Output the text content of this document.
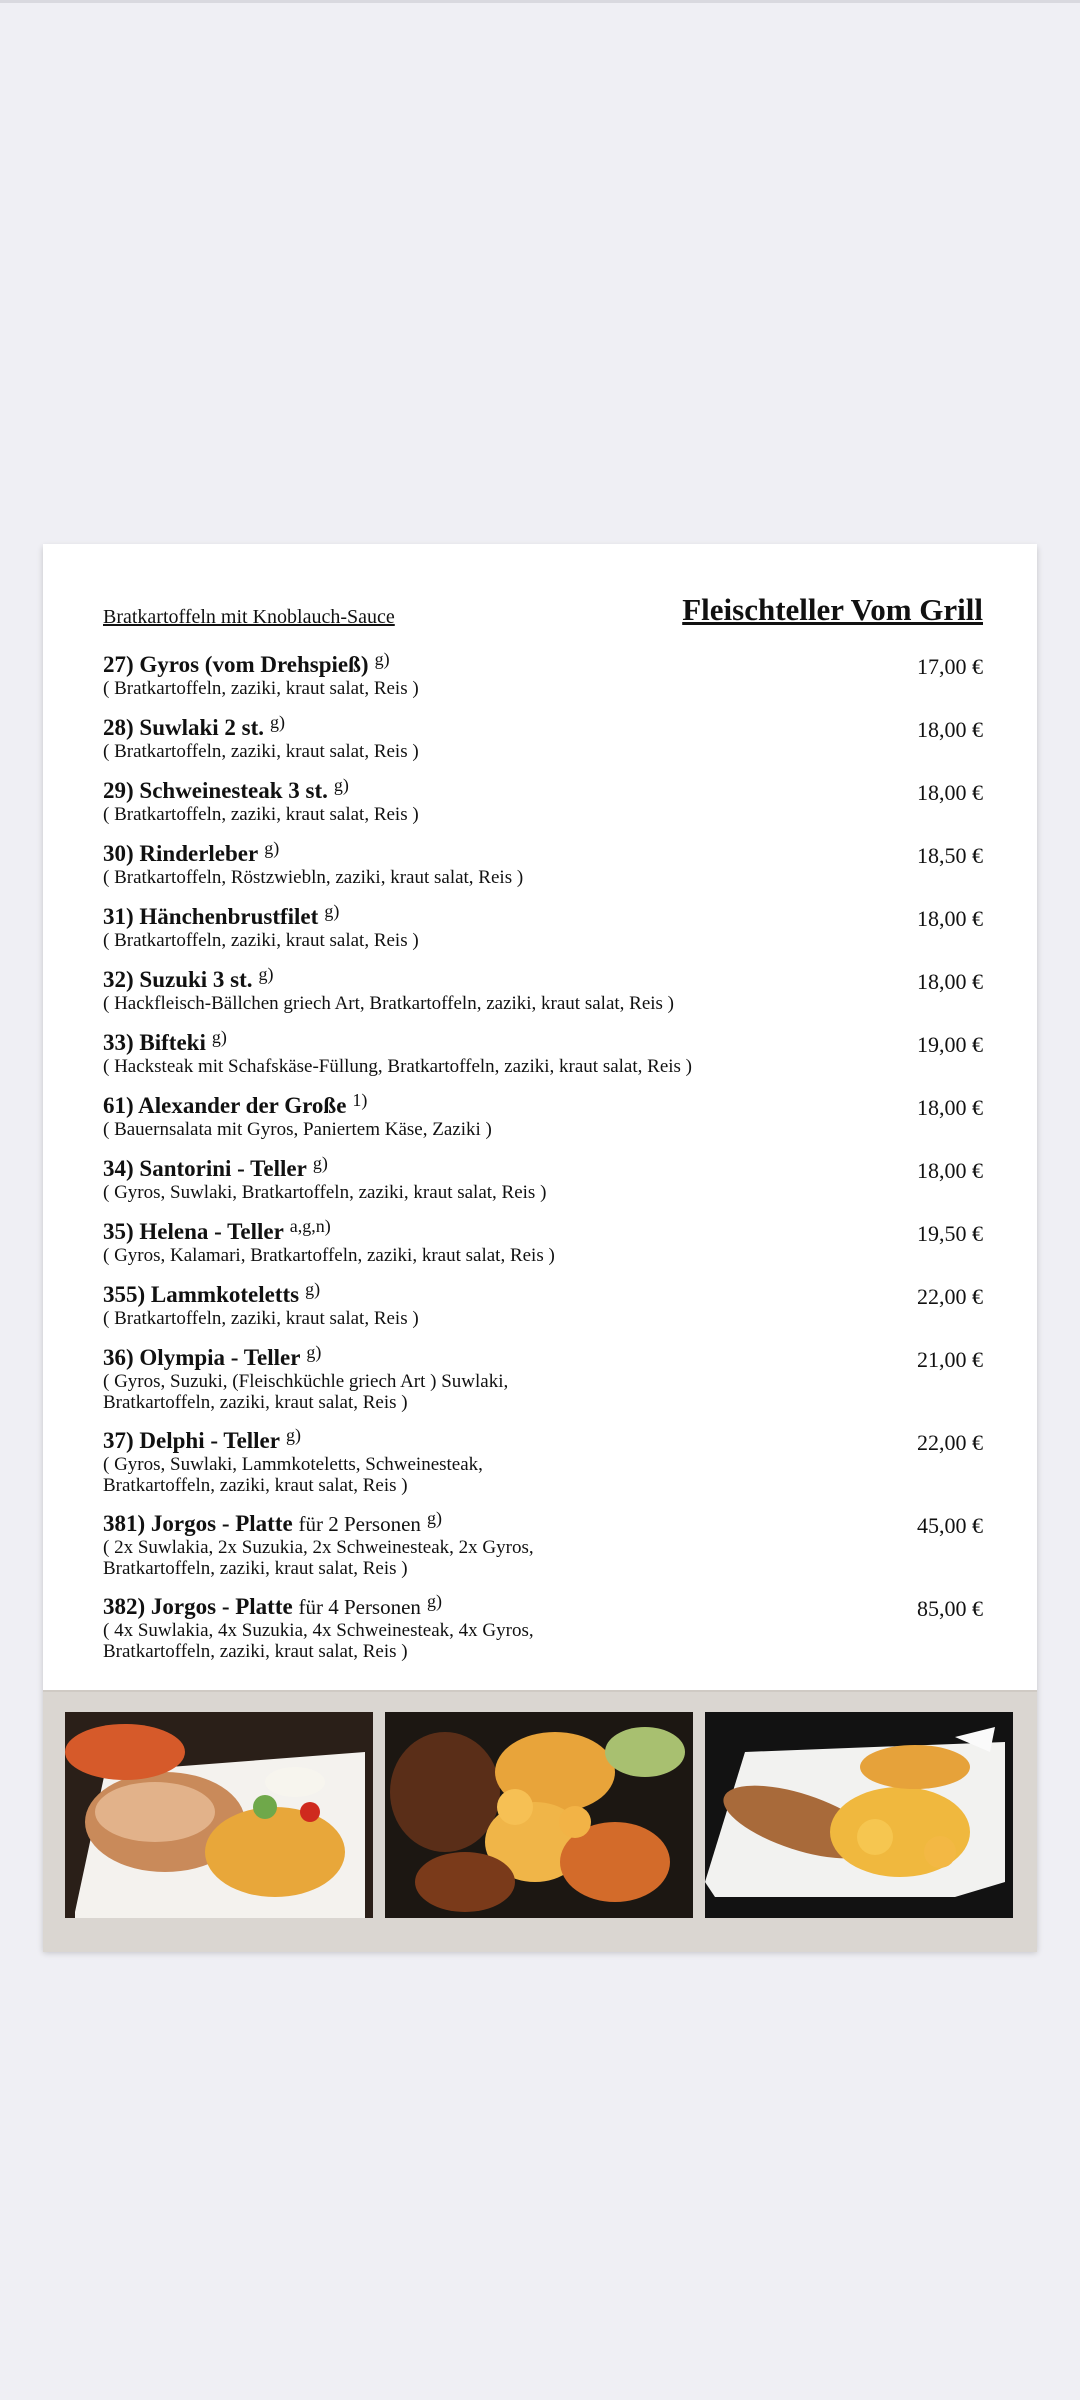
Bratkartoffeln mit Knoblauch-Sauce	Fleischteller Vom Grill
27) Gyros (vom Drehspieß) $^{g)}$
( Bratkartoffeln, zaziki, kraut salat, Reis )
17,00 €
28) Suwlaki 2 st. $^{g)}$
( Bratkartoffeln, zaziki, kraut salat, Reis )
18,00 €
29) Schweinesteak 3 st. $^{g)}$
( Bratkartoffeln, zaziki, kraut salat, Reis )
18,00 €
30) Rinderleber $^{g)}$
( Bratkartoffeln, Röstzwiebln, zaziki, kraut salat, Reis )
18,50 €
31) Hänchenbrustfilet $^{g)}$
( Bratkartoffeln, zaziki, kraut salat, Reis )
18,00 €
32) Suzuki 3 st. $^{g)}$
( Hackfleisch-Bällchen griech Art, Bratkartoffeln, zaziki, kraut salat, Reis )
18,00 €
33) Bifteki $^{g)}$
( Hacksteak mit Schafskäse-Füllung, Bratkartoffeln, zaziki, kraut salat, Reis )
19,00 €
61) Alexander der Große $^{1)}$
( Bauernsalata mit Gyros, Paniertem Käse, Zaziki )
18,00 €
34) Santorini - Teller $^{g)}$
( Gyros, Suwlaki, Bratkartoffeln, zaziki, kraut salat, Reis )
18,00 €
35) Helena - Teller $^{a,g,n)}$
( Gyros, Kalamari, Bratkartoffeln, zaziki, kraut salat, Reis )
19,50 €
355) Lammkoteletts $^{g)}$
( Bratkartoffeln, zaziki, kraut salat, Reis )
22,00 €
36) Olympia - Teller $^{g)}$
( Gyros, Suzuki, (Fleischküchle griech Art ) Suwlaki, Bratkartoffeln, zaziki, kraut salat, Reis )
21,00 €
37) Delphi - Teller $^{g)}$
( Gyros, Suwlaki, Lammkoteletts, Schweinesteak, Bratkartoffeln, zaziki, kraut salat, Reis )
22,00 €
381) Jorgos - Platte für 2 Personen $^{g)}$
( 2x Suwlakia, 2x Suzukia, 2x Schweinesteak, 2x Gyros, Bratkartoffeln, zaziki, kraut salat, Reis )
45,00 €
382) Jorgos - Platte für 4 Personen $^{g)}$
( 4x Suwlakia, 4x Suzukia, 4x Schweinesteak, 4x Gyros, Bratkartoffeln, zaziki, kraut salat, Reis )
85,00 €
